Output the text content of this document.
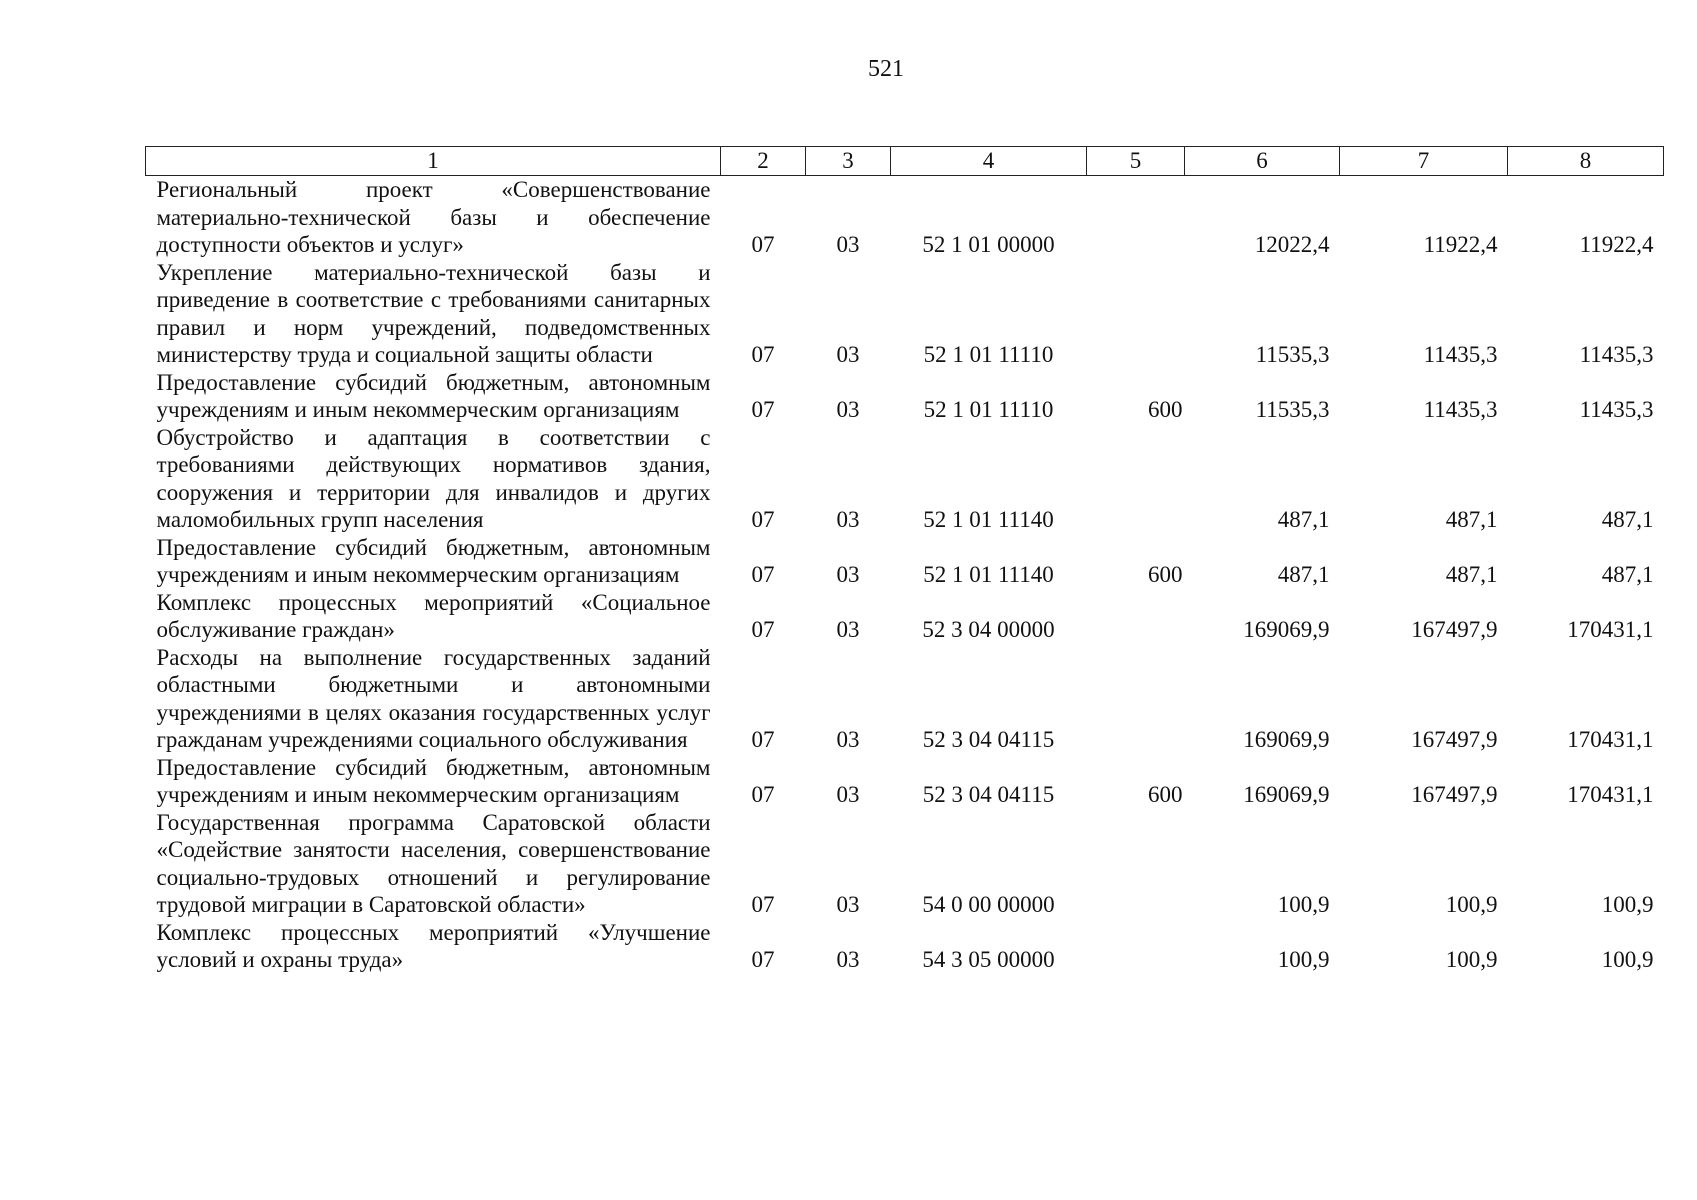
521
1	2	3	4	5	6	7	8
Региональный проект «Совершенствование материально-технической базы и обеспечение доступности объектов и услуг»	07	03	52 1 01 00000		12022,4	11922,4	11922,4
Укрепление материально-технической базы и приведение в соответствие с требованиями санитарных правил и норм учреждений, подведомственных министерству труда и социальной защиты области	07	03	52 1 01 11110		11535,3	11435,3	11435,3
Предоставление субсидий бюджетным, автономным учреждениям и иным некоммерческим организациям	07	03	52 1 01 11110	600	11535,3	11435,3	11435,3
Обустройство и адаптация в соответствии с требованиями действующих нормативов здания, сооружения и территории для инвалидов и других маломобильных групп населения	07	03	52 1 01 11140		487,1	487,1	487,1
Предоставление субсидий бюджетным, автономным учреждениям и иным некоммерческим организациям	07	03	52 1 01 11140	600	487,1	487,1	487,1
Комплекс процессных мероприятий «Социальное обслуживание граждан»	07	03	52 3 04 00000		169069,9	167497,9	170431,1
Расходы на выполнение государственных заданий областными бюджетными и автономными учреждениями в целях оказания государственных услуг гражданам учреждениями социального обслуживания	07	03	52 3 04 04115		169069,9	167497,9	170431,1
Предоставление субсидий бюджетным, автономным учреждениям и иным некоммерческим организациям	07	03	52 3 04 04115	600	169069,9	167497,9	170431,1
Государственная программа Саратовской области «Содействие занятости населения, совершенствование социально-трудовых отношений и регулирование трудовой миграции в Саратовской области»	07	03	54 0 00 00000		100,9	100,9	100,9
Комплекс процессных мероприятий «Улучшение условий и охраны труда»	07	03	54 3 05 00000		100,9	100,9	100,9
